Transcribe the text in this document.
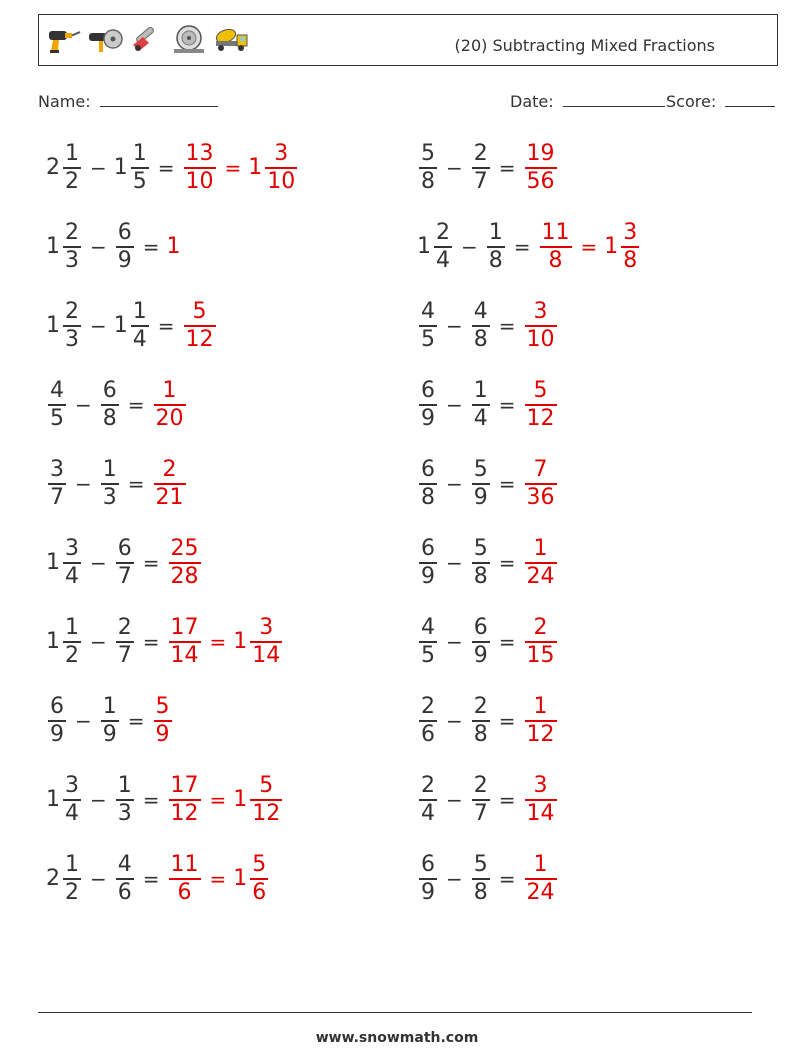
(20) Subtracting Mixed Fractions
Name:	Date:	Score:
$2 \frac{1}{2} - 1 \frac{1}{5} = \frac{13}{10} = 1 \frac{3}{10}$	$\frac{5}{8} - \frac{2}{7} = \frac{19}{56}$
$1 \frac{2}{3} - \frac{6}{9} = 1$	$1 \frac{2}{4} - \frac{1}{8} = \frac{11}{8} = 1 \frac{3}{8}$
$1 \frac{2}{3} - 1 \frac{1}{4} = \frac{5}{12}$	$\frac{4}{5} - \frac{4}{8} = \frac{3}{10}$
$\frac{4}{5} - \frac{6}{8} = \frac{1}{20}$	$\frac{6}{9} - \frac{1}{4} = \frac{5}{12}$
$\frac{3}{7} - \frac{1}{3} = \frac{2}{21}$	$\frac{6}{8} - \frac{5}{9} = \frac{7}{36}$
$1 \frac{3}{4} - \frac{6}{7} = \frac{25}{28}$	$\frac{6}{9} - \frac{5}{8} = \frac{1}{24}$
$1 \frac{1}{2} - \frac{2}{7} = \frac{17}{14} = 1 \frac{3}{14}$	$\frac{4}{5} - \frac{6}{9} = \frac{2}{15}$
$\frac{6}{9} - \frac{1}{9} = \frac{5}{9}$	$\frac{2}{6} - \frac{2}{8} = \frac{1}{12}$
$1 \frac{3}{4} - \frac{1}{3} = \frac{17}{12} = 1 \frac{5}{12}$	$\frac{2}{4} - \frac{2}{7} = \frac{3}{14}$
$2 \frac{1}{2} - \frac{4}{6} = \frac{11}{6} = 1 \frac{5}{6}$	$\frac{6}{9} - \frac{5}{8} = \frac{1}{24}$
www.snowmath.com
